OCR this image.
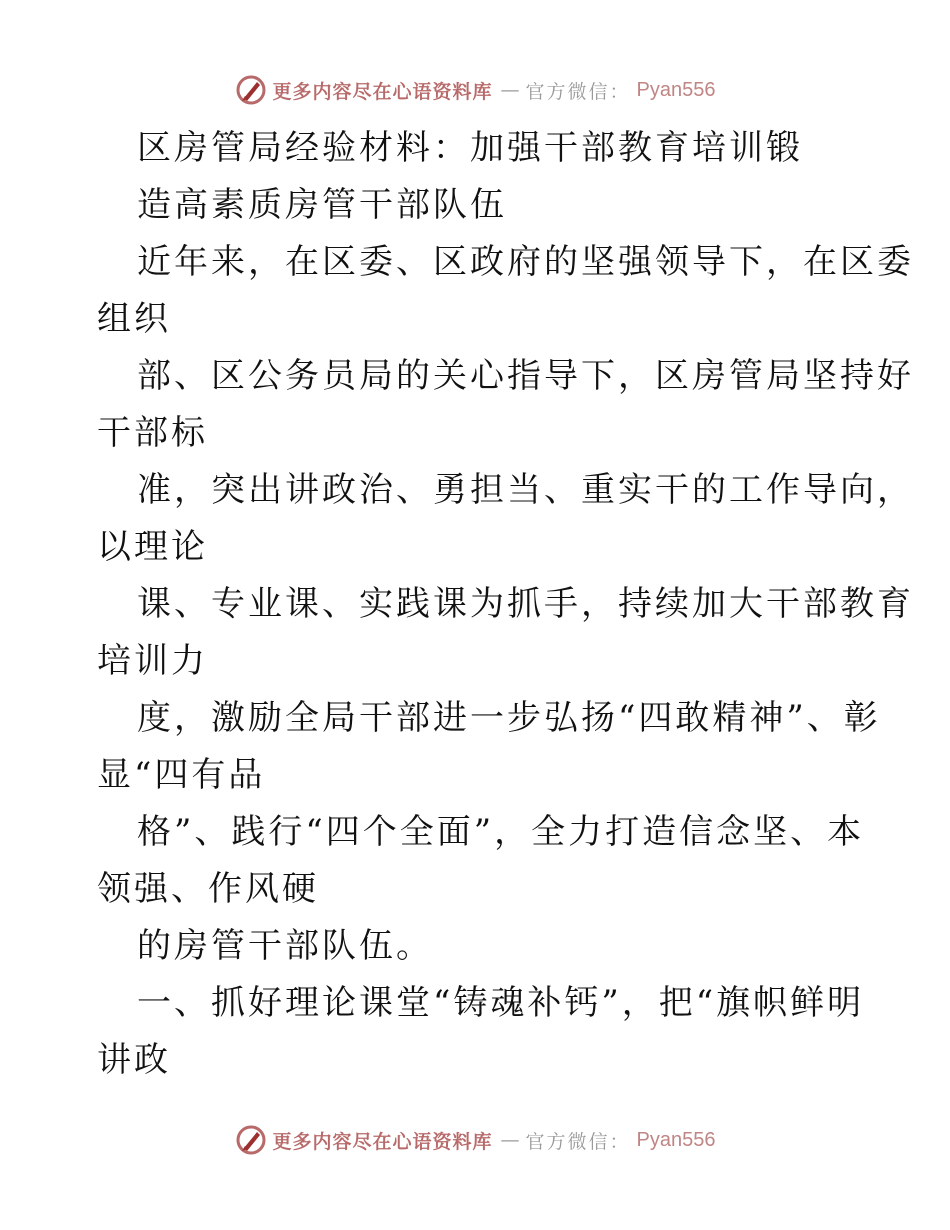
更多内容尽在心语资料库 — 官方微信： Pyan556
区房管局经验材料：加强干部教育培训锻
造高素质房管干部队伍
近年来，在区委、区政府的坚强领导下，在区委
组织
部、区公务员局的关心指导下，区房管局坚持好
干部标
准，突出讲政治、勇担当、重实干的工作导向，
以理论
课、专业课、实践课为抓手，持续加大干部教育
培训力
度，激励全局干部进一步弘扬“四敢精神”、彰
显“四有品
格”、践行“四个全面”，全力打造信念坚、本
领强、作风硬
的房管干部队伍。
一、抓好理论课堂“铸魂补钙”，把“旗帜鲜明
讲政
更多内容尽在心语资料库 — 官方微信： Pyan556
